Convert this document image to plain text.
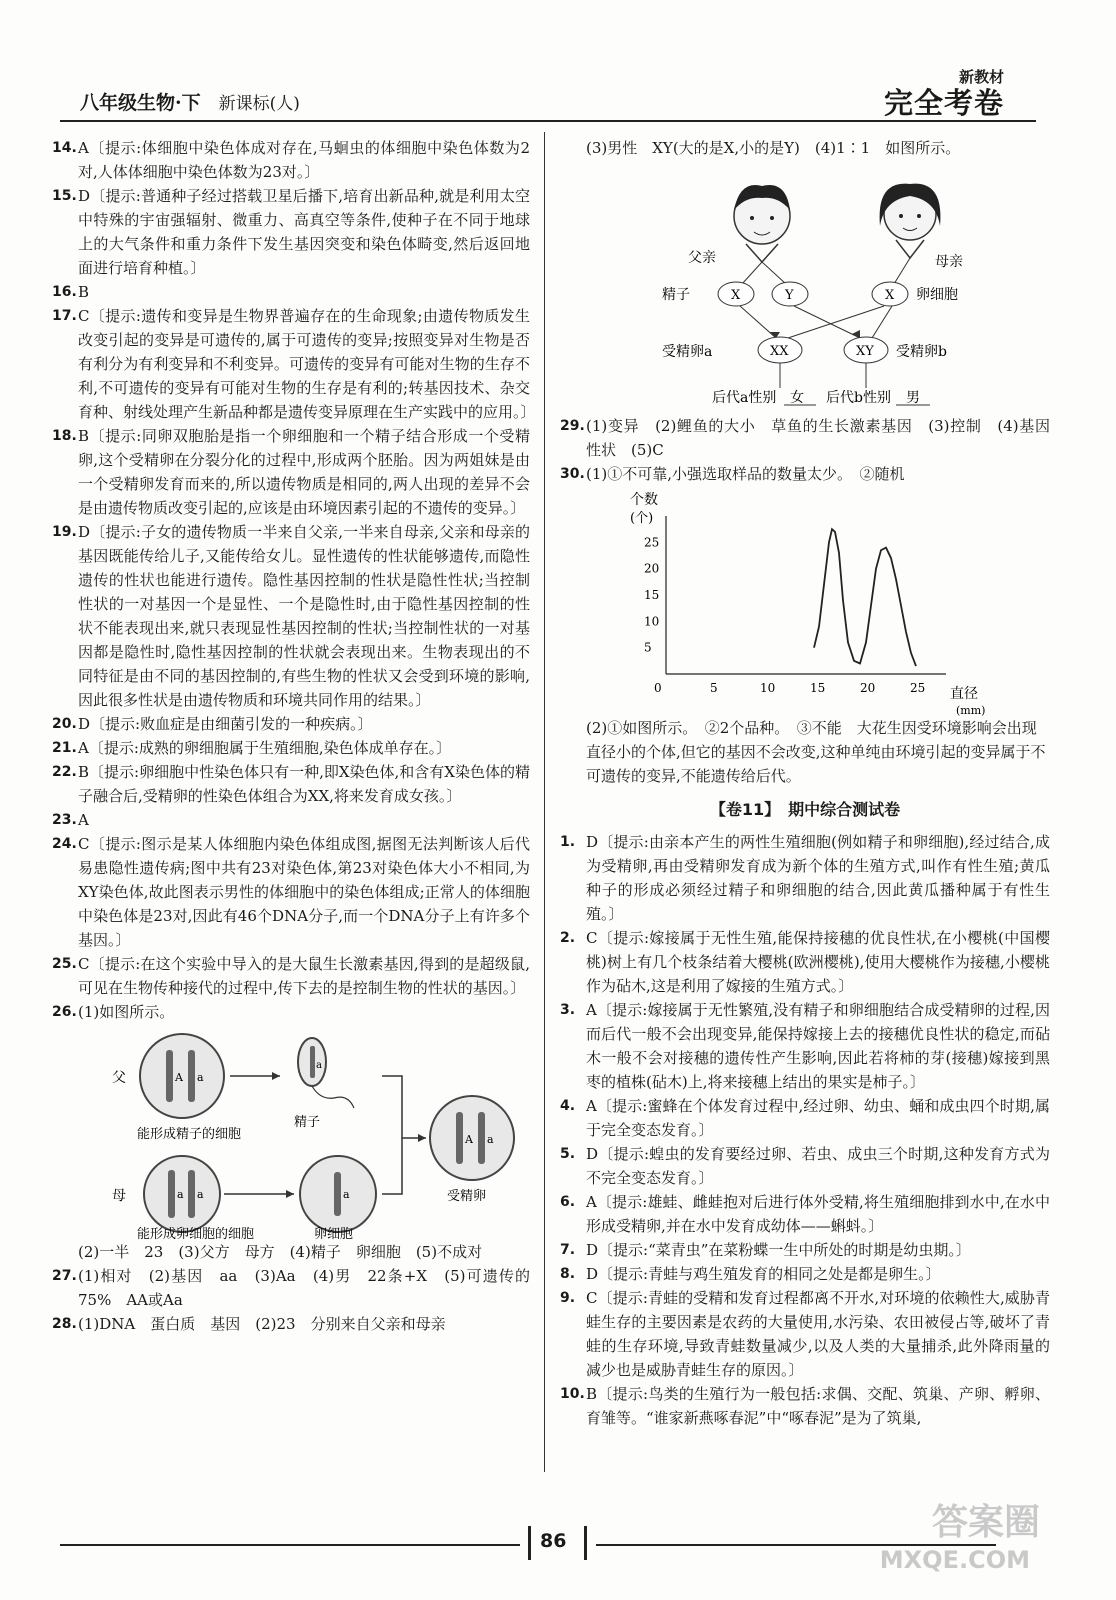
八年级生物·下 新课标(人)
新教材
完全考卷
14. A〔提示:体细胞中染色体成对存在,马蛔虫的体细胞中染色体数为2对,人体体细胞中染色体数为23对。〕
15. D〔提示:普通种子经过搭载卫星后播下,培育出新品种,就是利用太空中特殊的宇宙强辐射、微重力、高真空等条件,使种子在不同于地球上的大气条件和重力条件下发生基因突变和染色体畸变,然后返回地面进行培育种植。〕
16. B
17. C〔提示:遗传和变异是生物界普遍存在的生命现象;由遗传物质发生改变引起的变异是可遗传的,属于可遗传的变异;按照变异对生物是否有利分为有利变异和不利变异。可遗传的变异有可能对生物的生存不利,不可遗传的变异有可能对生物的生存是有利的;转基因技术、杂交育种、射线处理产生新品种都是遗传变异原理在生产实践中的应用。〕
18. B〔提示:同卵双胞胎是指一个卵细胞和一个精子结合形成一个受精卵,这个受精卵在分裂分化的过程中,形成两个胚胎。因为两姐妹是由一个受精卵发育而来的,所以遗传物质是相同的,两人出现的差异不会是由遗传物质改变引起的,应该是由环境因素引起的不遗传的变异。〕
19. D〔提示:子女的遗传物质一半来自父亲,一半来自母亲,父亲和母亲的基因既能传给儿子,又能传给女儿。显性遗传的性状能够遗传,而隐性遗传的性状也能进行遗传。隐性基因控制的性状是隐性性状;当控制性状的一对基因一个是显性、一个是隐性时,由于隐性基因控制的性状不能表现出来,就只表现显性基因控制的性状;当控制性状的一对基因都是隐性时,隐性基因控制的性状就会表现出来。生物表现出的不同特征是由不同的基因控制的,有些生物的性状又会受到环境的影响,因此很多性状是由遗传物质和环境共同作用的结果。〕
20. D〔提示:败血症是由细菌引发的一种疾病。〕
21. A〔提示:成熟的卵细胞属于生殖细胞,染色体成单存在。〕
22. B〔提示:卵细胞中性染色体只有一种,即X染色体,和含有X染色体的精子融合后,受精卵的性染色体组合为XX,将来发育成女孩。〕
23. A
24. C〔提示:图示是某人体细胞内染色体组成图,据图无法判断该人后代易患隐性遗传病;图中共有23对染色体,第23对染色体大小不相同,为XY染色体,故此图表示男性的体细胞中的染色体组成;正常人的体细胞中染色体是23对,因此有46个DNA分子,而一个DNA分子上有许多个基因。〕
25. C〔提示:在这个实验中导入的是大鼠生长激素基因,得到的是超级鼠,可见在生物传种接代的过程中,传下去的是控制生物的性状的基因。〕
26. (1)如图所示。
父	A a
能形成精子的细胞
a
精子
A a
受精卵
母	a a
能形成卵细胞的细胞
a
卵细胞
(2)一半　23　(3)父方　母方　(4)精子　卵细胞　(5)不成对
27. (1)相对　(2)基因　aa　(3)Aa　(4)男　22条+X　(5)可遗传的　75%　AA或Aa
28. (1)DNA　蛋白质　基因　(2)23　分别来自父亲和母亲
(3)男性　XY(大的是X,小的是Y)　(4)1∶1　如图所示。
父亲	母亲
精子	X	Y	X 卵细胞
受精卵a	XX	XY 受精卵b
后代a性别 女 后代b性别 男
29. (1)变异　(2)鲤鱼的大小　草鱼的生长激素基因　(3)控制　(4)基因　性状　(5)C
30. (1)①不可靠,小强选取样品的数量太少。　②随机
个数
(个)
直径
(mm)
0	5	10	15	20	25
5
10
15
20
25
(2)①如图所示。　②2个品种。　③不能　大花生因受环境影响会出现直径小的个体,但它的基因不会改变,这种单纯由环境引起的变异属于不可遗传的变异,不能遗传给后代。
【卷11】　期中综合测试卷
1. D〔提示:由亲本产生的两性生殖细胞(例如精子和卵细胞),经过结合,成为受精卵,再由受精卵发育成为新个体的生殖方式,叫作有性生殖;黄瓜种子的形成必须经过精子和卵细胞的结合,因此黄瓜播种属于有性生殖。〕
2. C〔提示:嫁接属于无性生殖,能保持接穗的优良性状,在小樱桃(中国樱桃)树上有几个枝条结着大樱桃(欧洲樱桃),使用大樱桃作为接穗,小樱桃作为砧木,这是利用了嫁接的生殖方式。〕
3. A〔提示:嫁接属于无性繁殖,没有精子和卵细胞结合成受精卵的过程,因而后代一般不会出现变异,能保持嫁接上去的接穗优良性状的稳定,而砧木一般不会对接穗的遗传性产生影响,因此若将柿的芽(接穗)嫁接到黑枣的植株(砧木)上,将来接穗上结出的果实是柿子。〕
4. A〔提示:蜜蜂在个体发育过程中,经过卵、幼虫、蛹和成虫四个时期,属于完全变态发育。〕
5. D〔提示:蝗虫的发育要经过卵、若虫、成虫三个时期,这种发育方式为不完全变态发育。〕
6. A〔提示:雄蛙、雌蛙抱对后进行体外受精,将生殖细胞排到水中,在水中形成受精卵,并在水中发育成幼体——蝌蚪。〕
7. D〔提示:“菜青虫”在菜粉蝶一生中所处的时期是幼虫期。〕
8. D〔提示:青蛙与鸡生殖发育的相同之处是都是卵生。〕
9. C〔提示:青蛙的受精和发育过程都离不开水,对环境的依赖性大,威胁青蛙生存的主要因素是农药的大量使用,水污染、农田被侵占等,破坏了青蛙的生存环境,导致青蛙数量减少,以及人类的大量捕杀,此外降雨量的减少也是威胁青蛙生存的原因。〕
10. B〔提示:鸟类的生殖行为一般包括:求偶、交配、筑巢、产卵、孵卵、育雏等。“谁家新燕啄春泥”中“啄春泥”是为了筑巢,
86	答案圈
MXQE.COM
